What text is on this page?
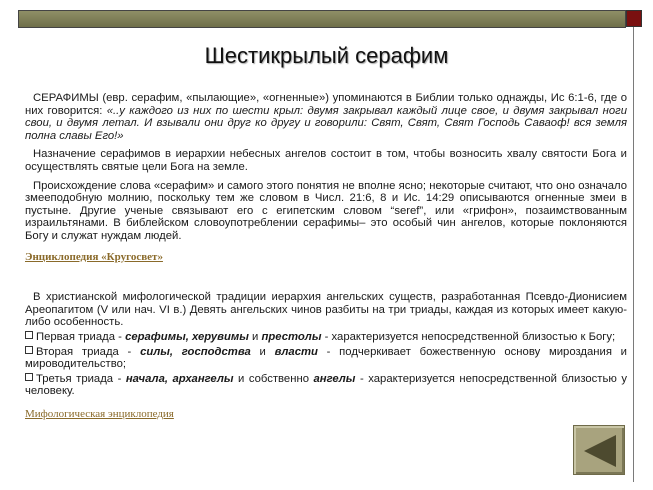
Шестикрылый серафим

СЕРАФИМЫ (евр. серафим, «пылающие», «огненные») упоминаются в Библии только однажды, Ис 6:1-6, где о них говорится: «..у каждого из них по шести крыл: двумя закрывал каждый лице свое, и двумя закрывал ноги свои, и двумя летал. И взывали они друг ко другу и говорили: Свят, Свят, Свят Господь Саваоф! вся земля полна славы Его!»

Назначение серафимов в иерархии небесных ангелов состоит в том, чтобы возносить хвалу святости Бога и осуществлять святые цели Бога на земле.

Происхождение слова «серафим» и самого этого понятия не вполне ясно; некоторые считают, что оно означало змееподобную молнию, поскольку тем же словом в Числ. 21:6, 8 и Ис. 14:29 описываются огненные змеи в пустыне. Другие ученые связывают его с египетским словом “seref”, или «грифон», позаимствованным израильтянами. В библейском словоупотреблении серафимы– это особый чин ангелов, которые поклоняются Богу и служат нуждам людей.

Энциклопедия «Кругосвет»

В христианской мифологической традиции иерархия ангельских существ, разработанная Псевдо-Дионисием Ареопагитом (V или нач. VI в.) Девять ангельских чинов разбиты на три триады, каждая из которых имеет какую-либо особенность.

Первая триада - серафимы, херувимы и престолы - характеризуется непосредственной близостью к Богу;

Вторая триада - силы, господства и власти - подчеркивает божественную основу мироздания и мироводительство;

Третья триада - начала, архангелы и собственно ангелы - характеризуется непосредственной близостью у человеку.

Мифологическая энциклопедия
